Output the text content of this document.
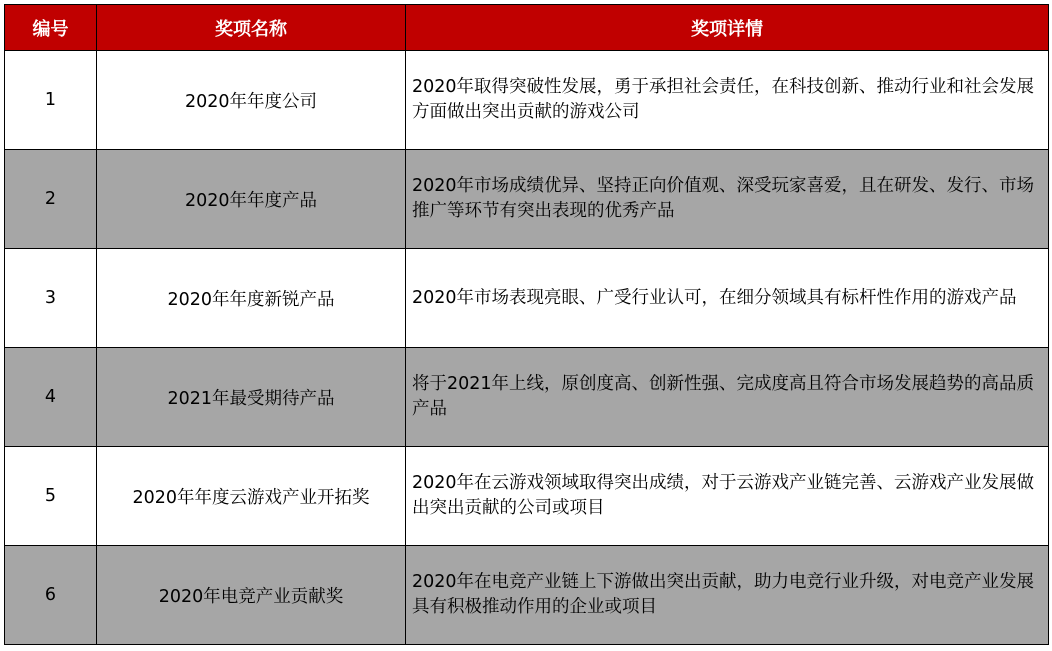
编号	奖项名称	奖项详情
1	2020年年度公司	2020年取得突破性发展，勇于承担社会责任，在科技创新、推动行业和社会发展方面做出突出贡献的游戏公司
2	2020年年度产品	2020年市场成绩优异、坚持正向价值观、深受玩家喜爱，且在研发、发行、市场推广等环节有突出表现的优秀产品
3	2020年年度新锐产品	2020年市场表现亮眼、广受行业认可，在细分领域具有标杆性作用的游戏产品
4	2021年最受期待产品	将于2021年上线，原创度高、创新性强、完成度高且符合市场发展趋势的高品质产品
5	2020年年度云游戏产业开拓奖	2020年在云游戏领域取得突出成绩，对于云游戏产业链完善、云游戏产业发展做出突出贡献的公司或项目
6	2020年电竞产业贡献奖	2020年在电竞产业链上下游做出突出贡献，助力电竞行业升级，对电竞产业发展具有积极推动作用的企业或项目
